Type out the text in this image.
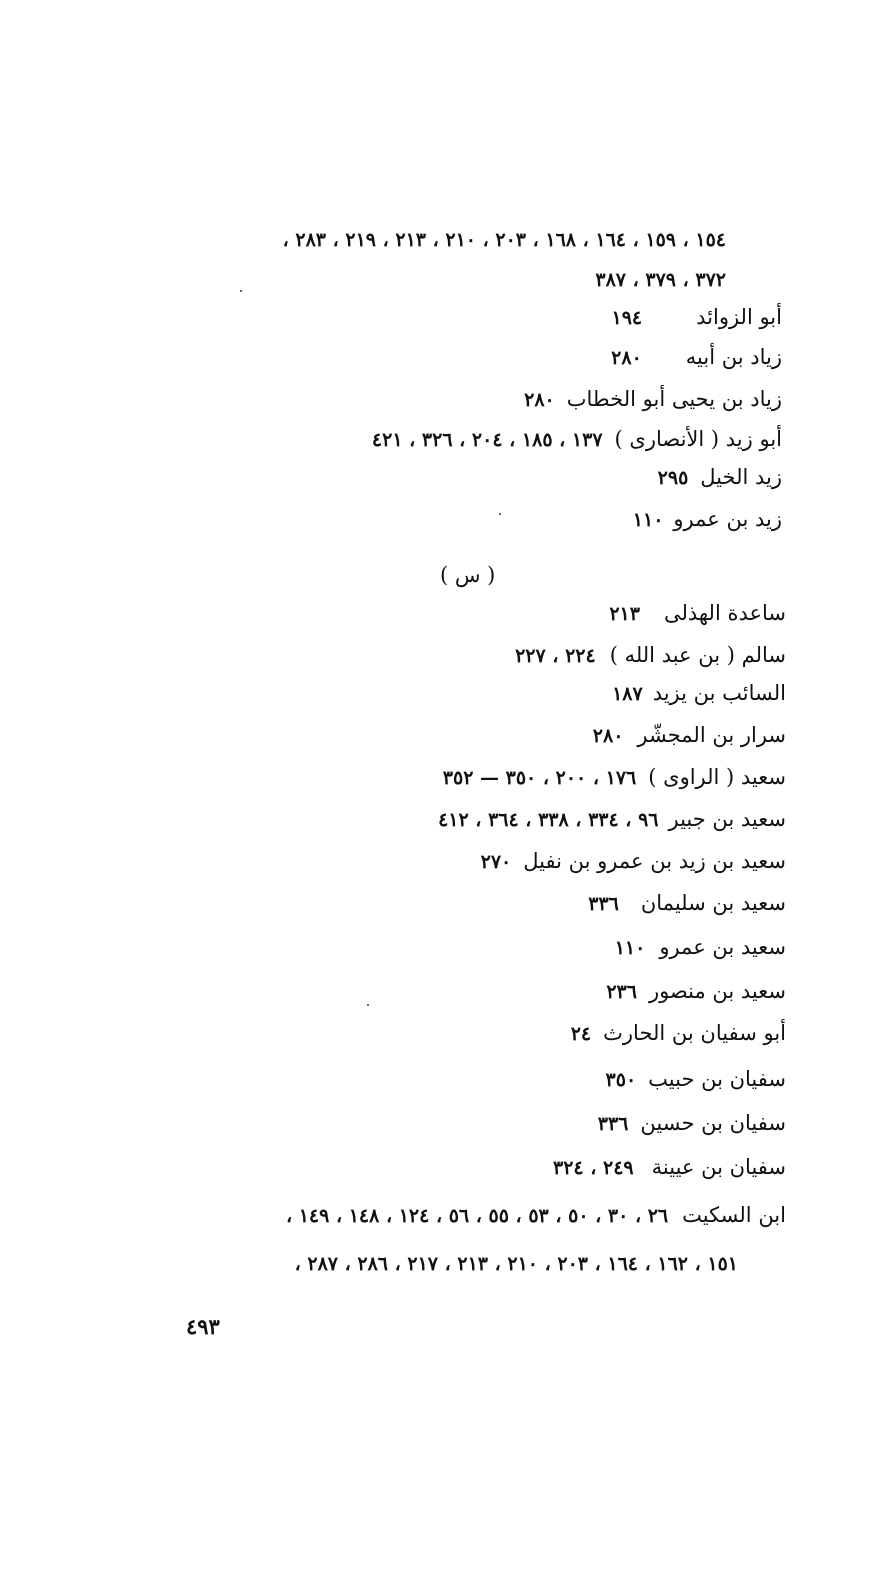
١٥٤ ، ١٥٩ ، ١٦٤ ، ١٦٨ ، ٢٠٣ ، ٢١٠ ، ٢١٣ ، ٢١٩ ، ٢٨٣ ،
٣٧٢ ، ٣٧٩ ، ٣٨٧
أبو الزوائد١٩٤
زياد بن أبيه٢٨٠
زياد بن يحيى أبو الخطاب٢٨٠
أبو زيد ( الأنصارى )١٣٧ ، ١٨٥ ، ٢٠٤ ، ٣٢٦ ، ٤٢١
زيد الخيل٢٩٥
زيد بن عمرو١١٠
( س )
ساعدة الهذلى٢١٣
سالم ( بن عبد الله )٢٢٤ ، ٢٢٧
السائب بن يزيد١٨٧
سرار بن المجشّر٢٨٠
سعيد ( الراوى )١٧٦ ، ٢٠٠ ، ٣٥٠ — ٣٥٢
سعيد بن جبير٩٦ ، ٣٣٤ ، ٣٣٨ ، ٣٦٤ ، ٤١٢
سعيد بن زيد بن عمرو بن نفيل٢٧٠
سعيد بن سليمان٣٣٦
سعيد بن عمرو١١٠
سعيد بن منصور٢٣٦
أبو سفيان بن الحارث٢٤
سفيان بن حبيب٣٥٠
سفيان بن حسين٣٣٦
سفيان بن عيينة٢٤٩ ، ٣٢٤
ابن السكيت٢٦ ، ٣٠ ، ٥٠ ، ٥٣ ، ٥٥ ، ٥٦ ، ١٢٤ ، ١٤٨ ، ١٤٩ ،
١٥١ ، ١٦٢ ، ١٦٤ ، ٢٠٣ ، ٢١٠ ، ٢١٣ ، ٢١٧ ، ٢٨٦ ، ٢٨٧ ،
٤٩٣
